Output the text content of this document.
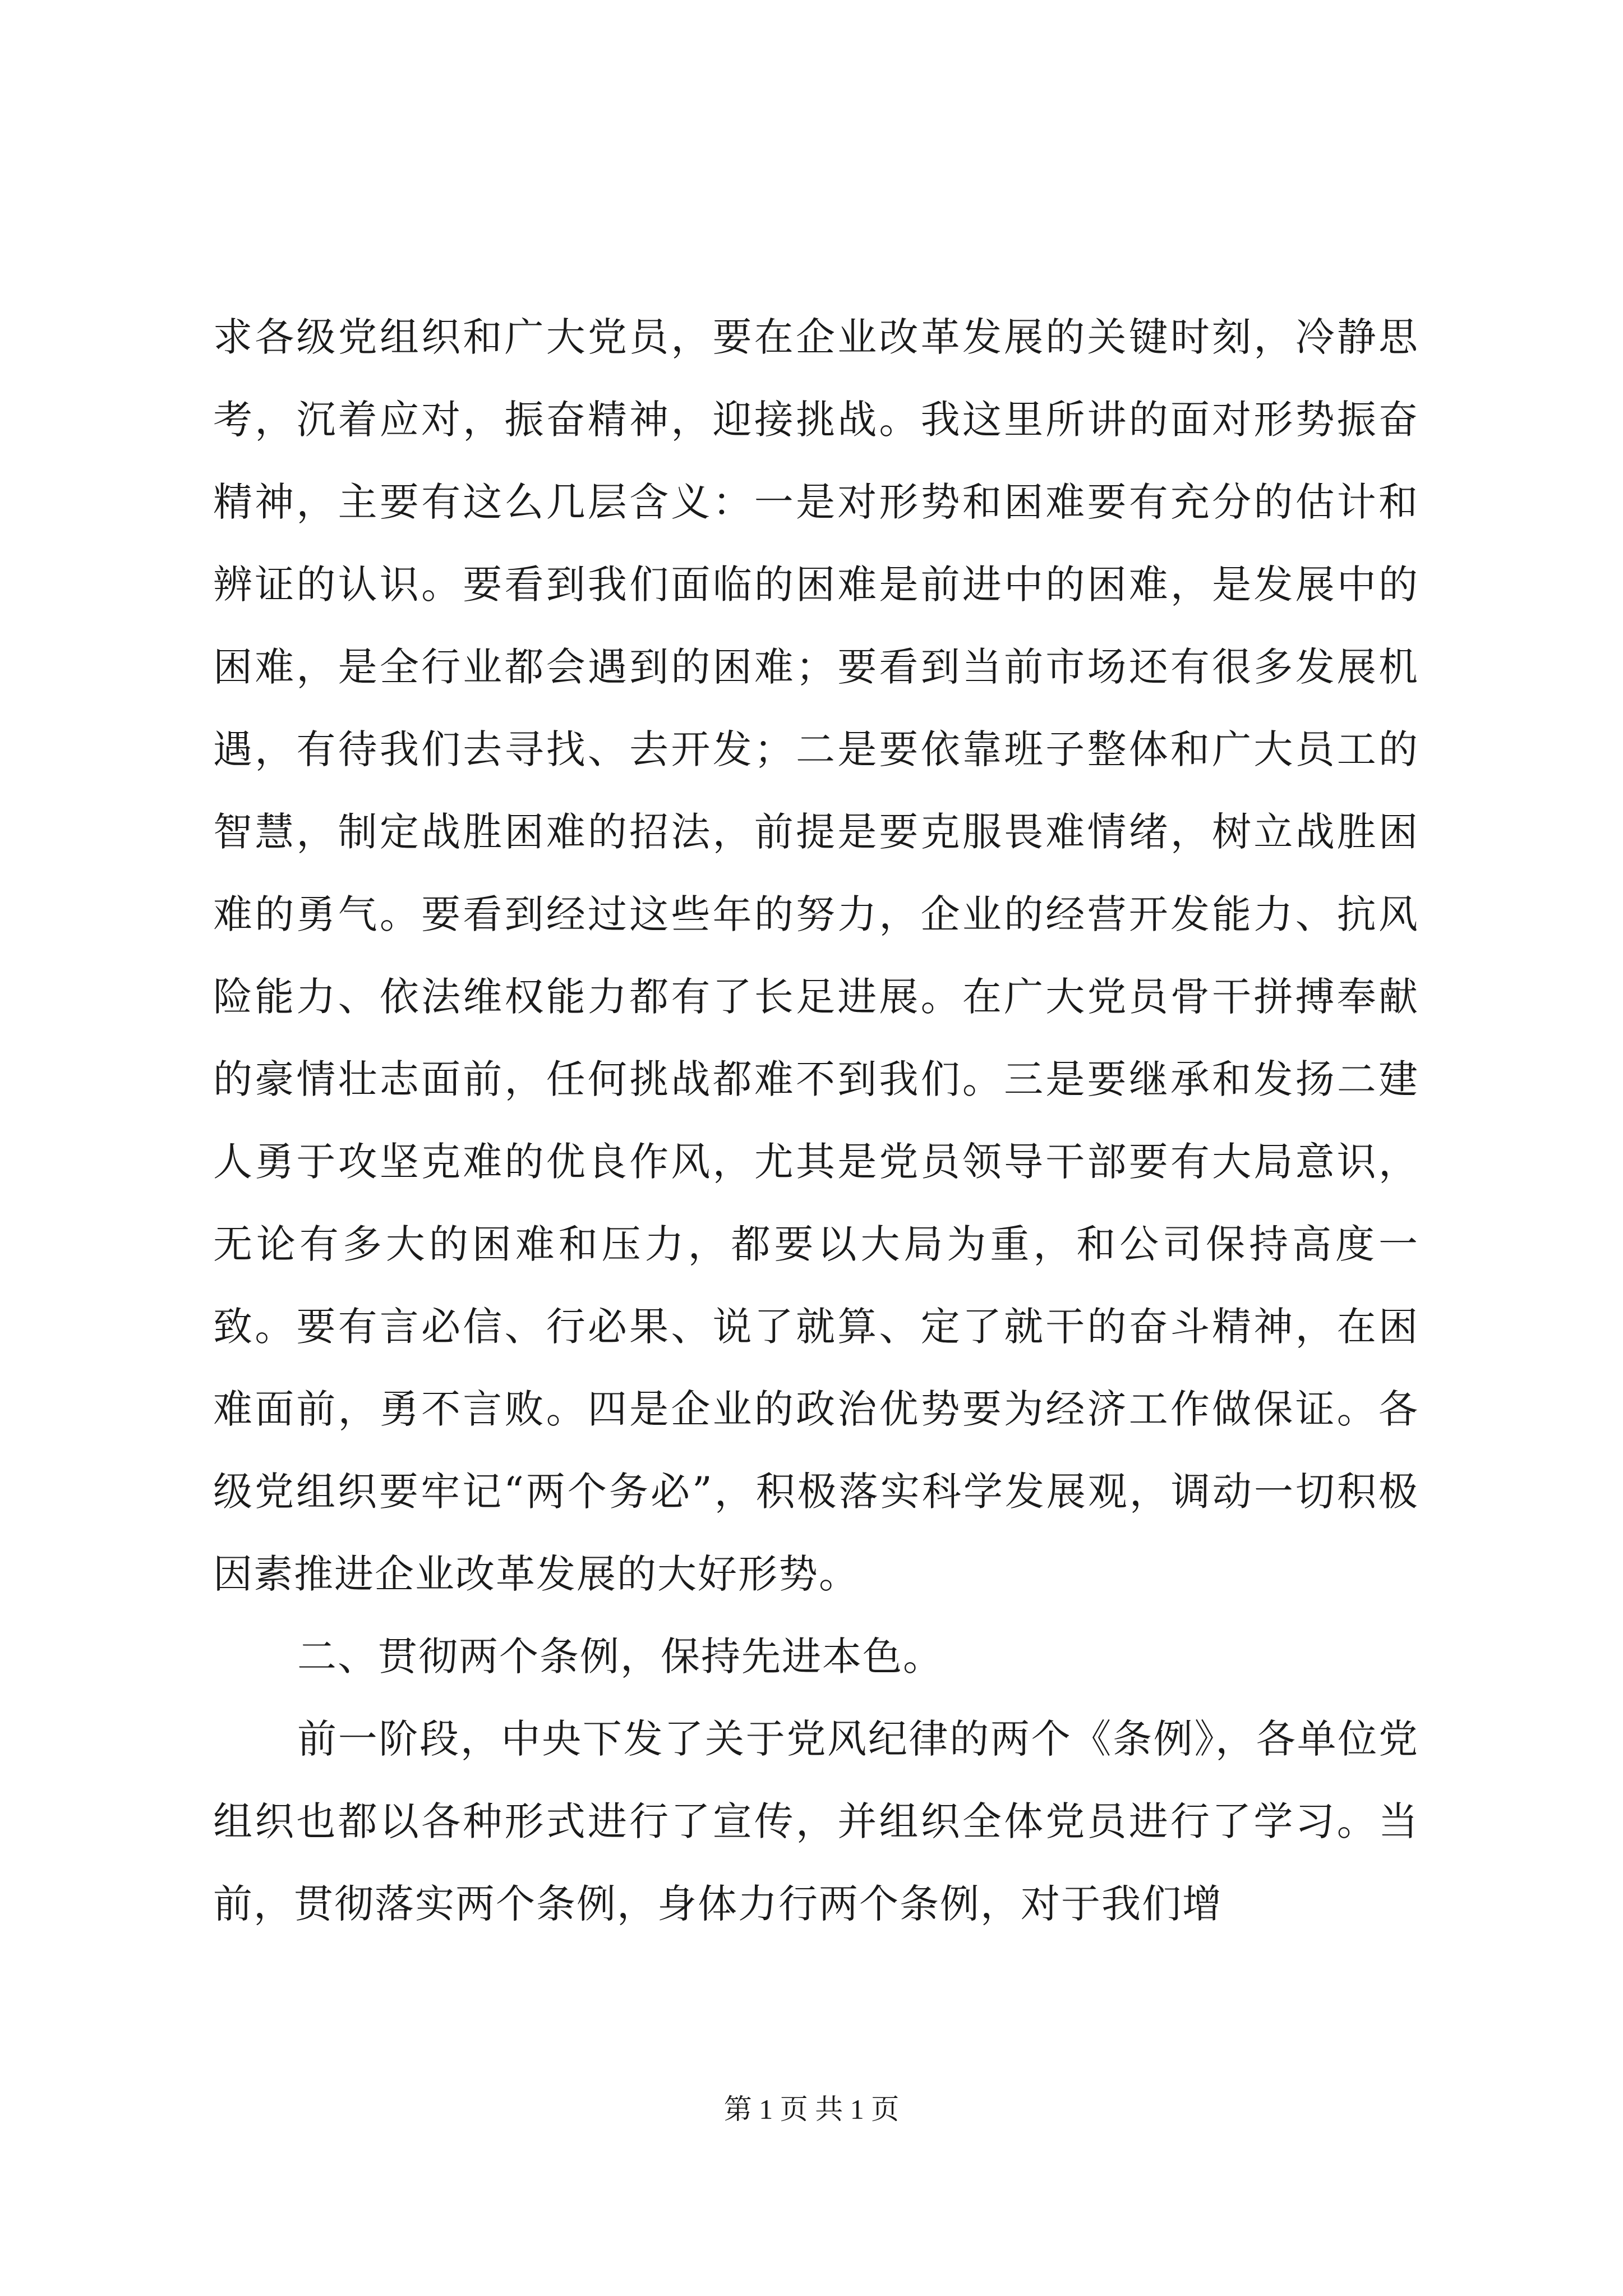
求各级党组织和广大党员，要在企业改革发展的关键时刻，冷静思考，沉着应对，振奋精神，迎接挑战。我这里所讲的面对形势振奋精神，主要有这么几层含义：一是对形势和困难要有充分的估计和辨证的认识。要看到我们面临的困难是前进中的困难，是发展中的困难，是全行业都会遇到的困难；要看到当前市场还有很多发展机遇，有待我们去寻找、去开发；二是要依靠班子整体和广大员工的智慧，制定战胜困难的招法，前提是要克服畏难情绪，树立战胜困难的勇气。要看到经过这些年的努力，企业的经营开发能力、抗风险能力、依法维权能力都有了长足进展。在广大党员骨干拼搏奉献的豪情壮志面前，任何挑战都难不到我们。三是要继承和发扬二建人勇于攻坚克难的优良作风，尤其是党员领导干部要有大局意识，无论有多大的困难和压力，都要以大局为重，和公司保持高度一致。要有言必信、行必果、说了就算、定了就干的奋斗精神，在困难面前，勇不言败。四是企业的政治优势要为经济工作做保证。各级党组织要牢记“两个务必”，积极落实科学发展观，调动一切积极因素推进企业改革发展的大好形势。

二、贯彻两个条例，保持先进本色。

前一阶段，中央下发了关于党风纪律的两个《条例》，各单位党组织也都以各种形式进行了宣传，并组织全体党员进行了学习。当前，贯彻落实两个条例，身体力行两个条例，对于我们增

第 1 页 共 1 页
